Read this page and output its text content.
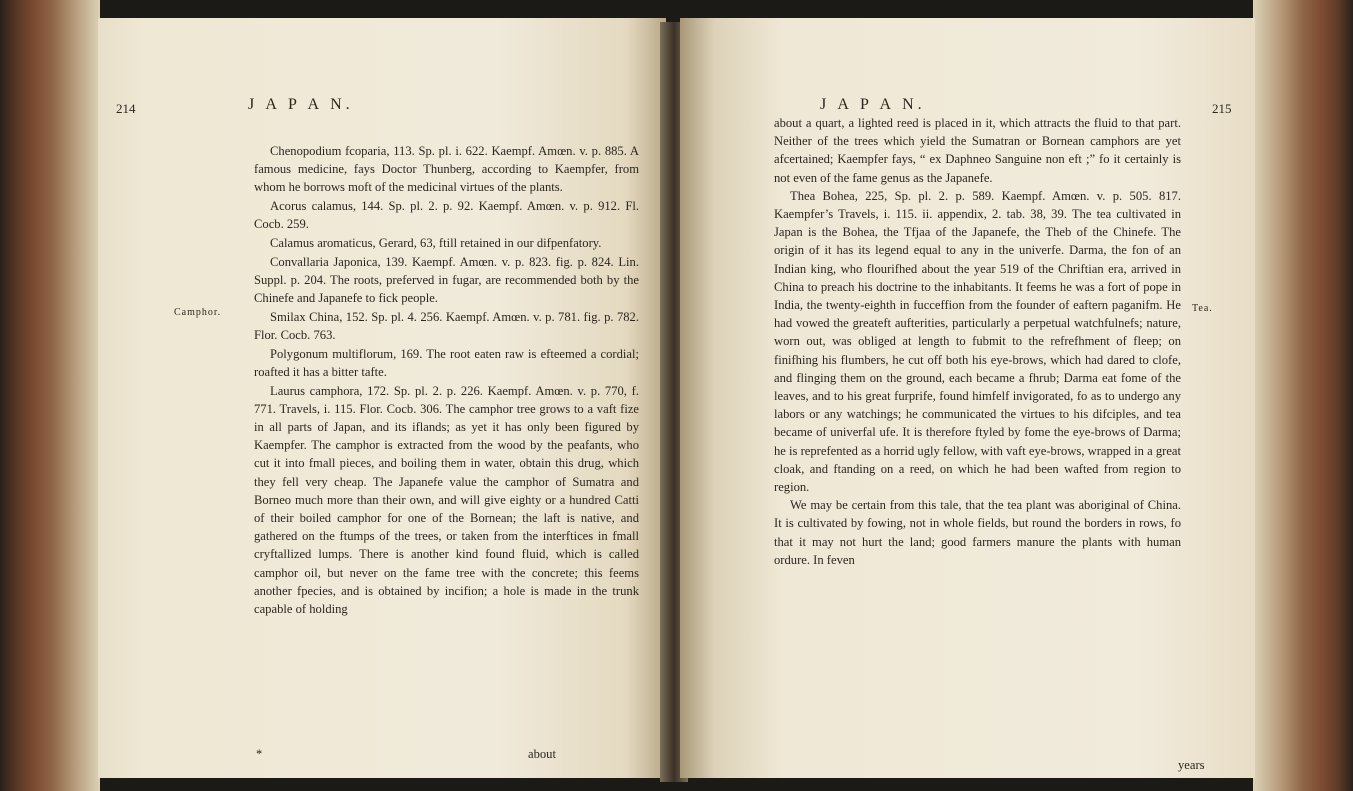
214	J A P A N.
Camphor.

Chenopodium fcoparia, 113. Sp. pl. i. 622. Kaempf. Amœn. v. p. 885. A famous medicine, fays Doctor Thunberg, according to Kaempfer, from whom he borrows moft of the medicinal virtues of the plants.

Acorus calamus, 144. Sp. pl. 2. p. 92. Kaempf. Amœn. v. p. 912. Fl. Cocb. 259.

Calamus aromaticus, Gerard, 63, ftill retained in our difpenfatory.

Convallaria Japonica, 139. Kaempf. Amœn. v. p. 823. fig. p. 824. Lin. Suppl. p. 204. The roots, preferved in fugar, are recommended both by the Chinefe and Japanefe to fick people.

Smilax China, 152. Sp. pl. 4. 256. Kaempf. Amœn. v. p. 781. fig. p. 782. Flor. Cocb. 763.

Polygonum multiflorum, 169. The root eaten raw is efteemed a cordial; roafted it has a bitter tafte.

Laurus camphora, 172. Sp. pl. 2. p. 226. Kaempf. Amœn. v. p. 770, f. 771. Travels, i. 115. Flor. Cocb. 306. The camphor tree grows to a vaft fize in all parts of Japan, and its iflands; as yet it has only been figured by Kaempfer. The camphor is extracted from the wood by the peafants, who cut it into fmall pieces, and boiling them in water, obtain this drug, which they fell very cheap. The Japanefe value the camphor of Sumatra and Borneo much more than their own, and will give eighty or a hundred Catti of their boiled camphor for one of the Bornean; the laft is native, and gathered on the ftumps of the trees, or taken from the interftices in fmall cryftallized lumps. There is another kind found fluid, which is called camphor oil, but never on the fame tree with the concrete; this feems another fpecies, and is obtained by incifion; a hole is made in the trunk capable of holding

*	about
J A P A N.	215
Tea.

about a quart, a lighted reed is placed in it, which attracts the fluid to that part. Neither of the trees which yield the Sumatran or Bornean camphors are yet afcertained; Kaempfer fays, “ ex Daphneo Sanguine non eft ;” fo it certainly is not even of the fame genus as the Japanefe.

Thea Bohea, 225, Sp. pl. 2. p. 589. Kaempf. Amœn. v. p. 505. 817. Kaempfer’s Travels, i. 115. ii. appendix, 2. tab. 38, 39. The tea cultivated in Japan is the Bohea, the Tfjaa of the Japanefe, the Theb of the Chinefe. The origin of it has its legend equal to any in the univerfe. Darma, the fon of an Indian king, who flourifhed about the year 519 of the Chriftian era, arrived in China to preach his doctrine to the inhabitants. It feems he was a fort of pope in India, the twenty-eighth in fucceffion from the founder of eaftern paganifm. He had vowed the greateft aufterities, particularly a perpetual watchfulnefs; nature, worn out, was obliged at length to fubmit to the refrefhment of fleep; on finifhing his flumbers, he cut off both his eye-brows, which had dared to clofe, and flinging them on the ground, each became a fhrub; Darma eat fome of the leaves, and to his great furprife, found himfelf invigorated, fo as to undergo any labors or any watchings; he communicated the virtues to his difciples, and tea became of univerfal ufe. It is therefore ftyled by fome the eye-brows of Darma; he is reprefented as a horrid ugly fellow, with vaft eye-brows, wrapped in a great cloak, and ftanding on a reed, on which he had been wafted from region to region.

We may be certain from this tale, that the tea plant was aboriginal of China. It is cultivated by fowing, not in whole fields, but round the borders in rows, fo that it may not hurt the land; good farmers manure the plants with human ordure. In feven

years
